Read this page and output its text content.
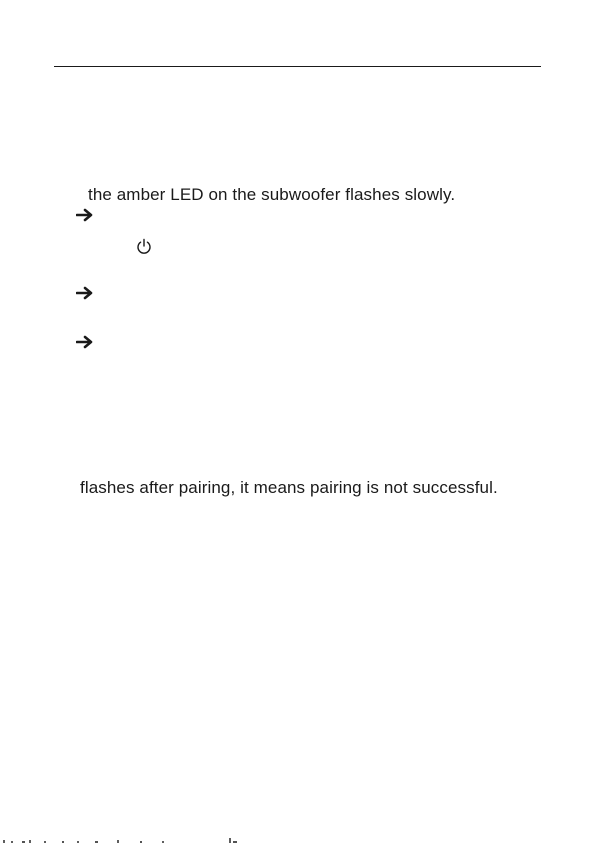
the amber LED on the subwoofer flashes slowly.
flashes after pairing, it means pairing is not successful.
